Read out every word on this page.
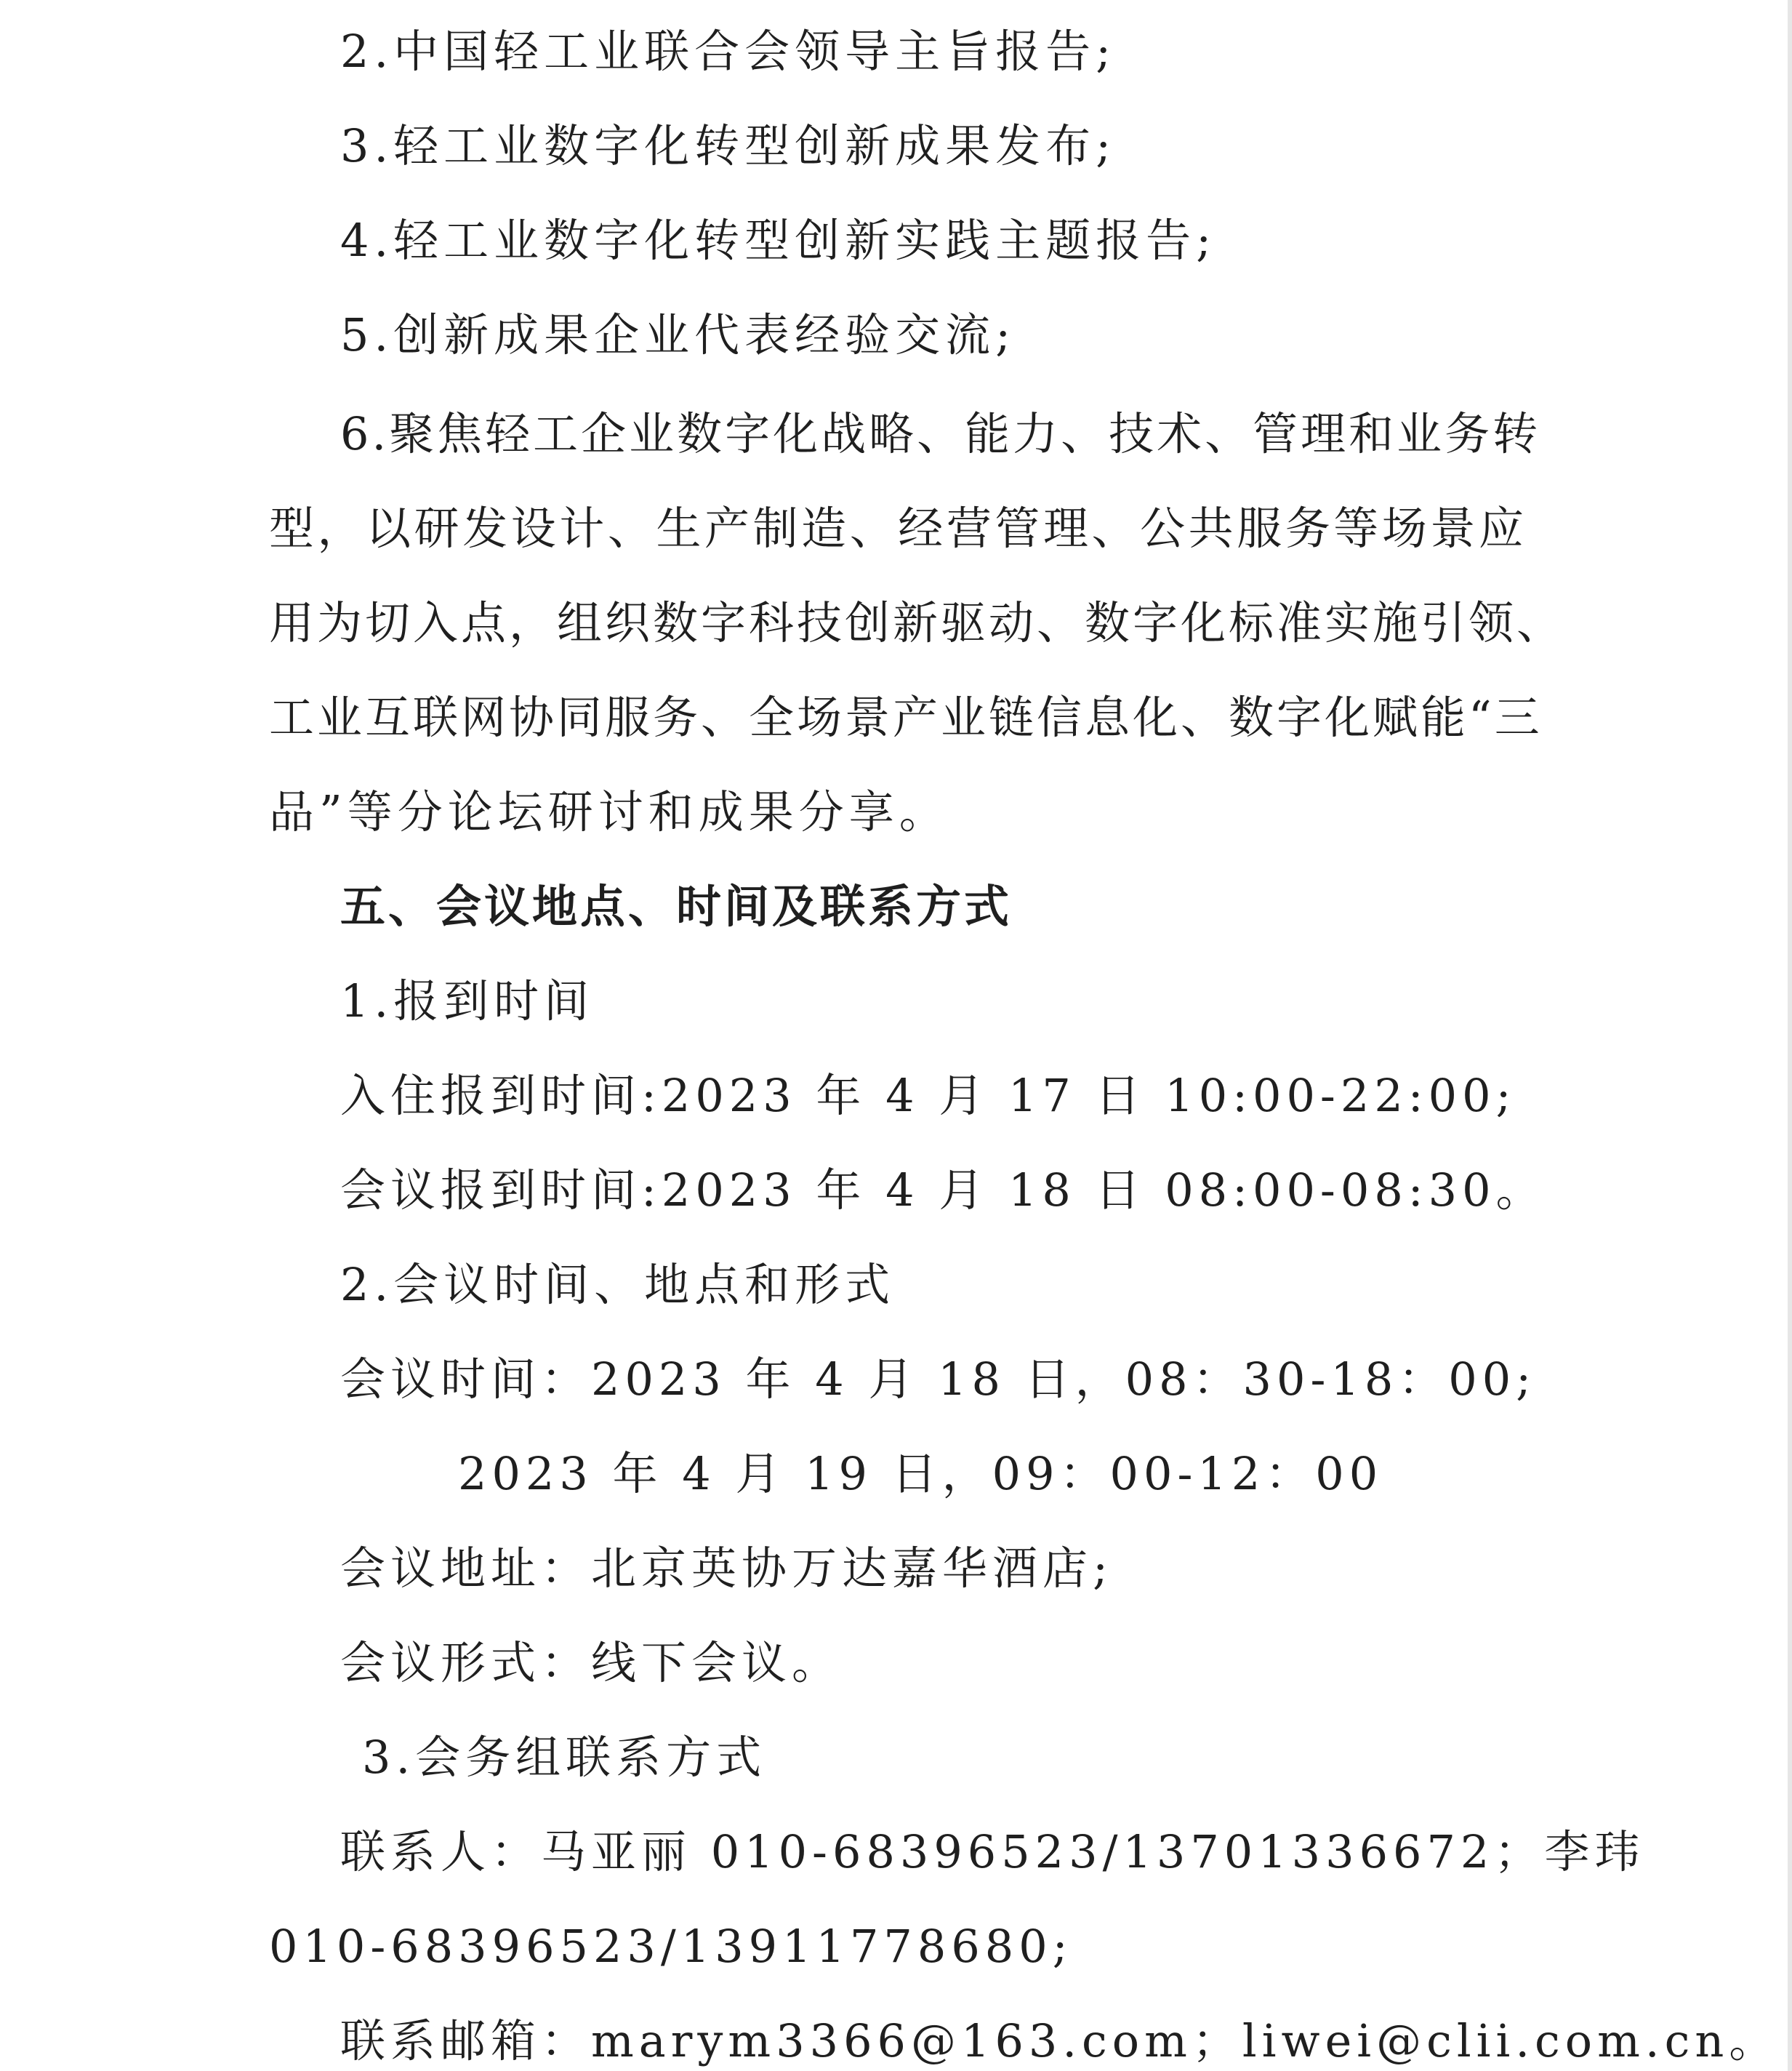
2.中国轻工业联合会领导主旨报告;
3.轻工业数字化转型创新成果发布;
4.轻工业数字化转型创新实践主题报告;
5.创新成果企业代表经验交流;
6.聚焦轻工企业数字化战略、能力、技术、管理和业务转
型，以研发设计、生产制造、经营管理、公共服务等场景应
用为切入点，组织数字科技创新驱动、数字化标准实施引领、
工业互联网协同服务、全场景产业链信息化、数字化赋能“三
品”等分论坛研讨和成果分享。
五、会议地点、时间及联系方式
1.报到时间
入住报到时间:2023 年 4 月 17 日 10:00-22:00;
会议报到时间:2023 年 4 月 18 日 08:00-08:30。
2.会议时间、地点和形式
会议时间：2023 年 4 月 18 日，08：30-18：00;
2023 年 4 月 19 日，09：00-12：00
会议地址：北京英协万达嘉华酒店;
会议形式：线下会议。
3.会务组联系方式
联系人：马亚丽 010-68396523/13701336672；李玮
010-68396523/13911778680;
联系邮箱：marym3366@163.com；liwei@clii.com.cn。
